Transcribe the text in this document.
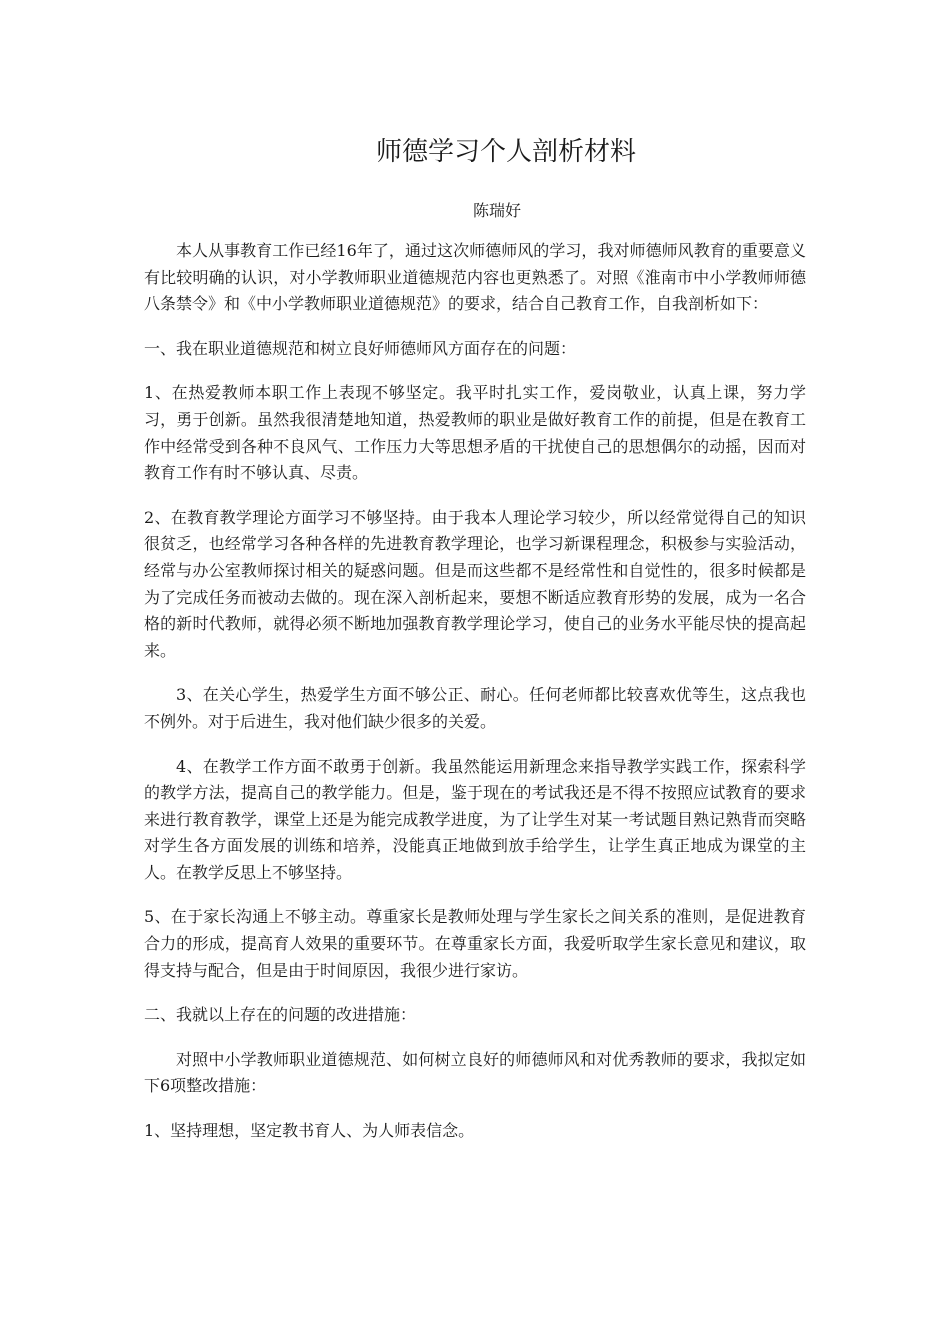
师德学习个人剖析材料
陈瑞好

本人从事教育工作已经16年了，通过这次师德师风的学习，我对师德师风教育的重要意义有比较明确的认识，对小学教师职业道德规范内容也更熟悉了。对照《淮南市中小学教师师德八条禁令》和《中小学教师职业道德规范》的要求，结合自己教育工作，自我剖析如下：

一、我在职业道德规范和树立良好师德师风方面存在的问题：

1、在热爱教师本职工作上表现不够坚定。我平时扎实工作，爱岗敬业，认真上课，努力学习，勇于创新。虽然我很清楚地知道，热爱教师的职业是做好教育工作的前提，但是在教育工作中经常受到各种不良风气、工作压力大等思想矛盾的干扰使自己的思想偶尔的动摇，因而对教育工作有时不够认真、尽责。

2、在教育教学理论方面学习不够坚持。由于我本人理论学习较少，所以经常觉得自己的知识很贫乏，也经常学习各种各样的先进教育教学理论，也学习新课程理念，积极参与实验活动，经常与办公室教师探讨相关的疑惑问题。但是而这些都不是经常性和自觉性的，很多时候都是为了完成任务而被动去做的。现在深入剖析起来，要想不断适应教育形势的发展，成为一名合格的新时代教师，就得必须不断地加强教育教学理论学习，使自己的业务水平能尽快的提高起来。

3、在关心学生，热爱学生方面不够公正、耐心。任何老师都比较喜欢优等生，这点我也不例外。对于后进生，我对他们缺少很多的关爱。

4、在教学工作方面不敢勇于创新。我虽然能运用新理念来指导教学实践工作，探索科学的教学方法，提高自己的教学能力。但是，鉴于现在的考试我还是不得不按照应试教育的要求来进行教育教学，课堂上还是为能完成教学进度，为了让学生对某一考试题目熟记熟背而突略对学生各方面发展的训练和培养，没能真正地做到放手给学生，让学生真正地成为课堂的主人。在教学反思上不够坚持。

5、在于家长沟通上不够主动。尊重家长是教师处理与学生家长之间关系的准则，是促进教育合力的形成，提高育人效果的重要环节。在尊重家长方面，我爱听取学生家长意见和建议，取得支持与配合，但是由于时间原因，我很少进行家访。

二、我就以上存在的问题的改进措施：

对照中小学教师职业道德规范、如何树立良好的师德师风和对优秀教师的要求，我拟定如下6项整改措施：

1、坚持理想，坚定教书育人、为人师表信念。
